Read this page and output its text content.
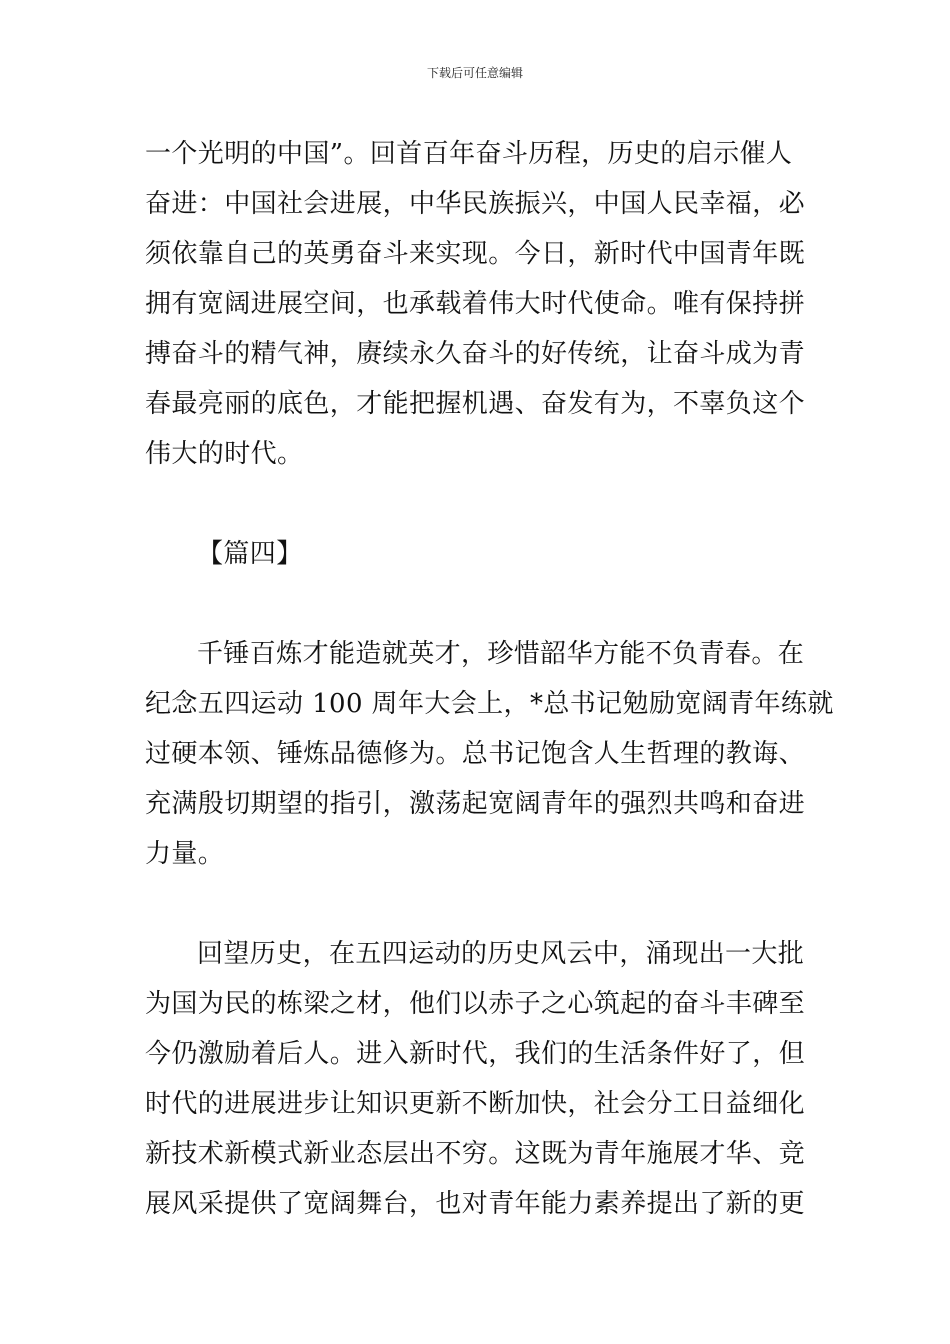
下载后可任意编辑
一个光明的中国”。回首百年奋斗历程，历史的启示催人
奋进：中国社会进展，中华民族振兴，中国人民幸福，必
须依靠自己的英勇奋斗来实现。今日，新时代中国青年既
拥有宽阔进展空间，也承载着伟大时代使命。唯有保持拼
搏奋斗的精气神，赓续永久奋斗的好传统，让奋斗成为青
春最亮丽的底色，才能把握机遇、奋发有为，不辜负这个
伟大的时代。
【篇四】
千锤百炼才能造就英才，珍惜韶华方能不负青春。在
纪念五四运动 100 周年大会上，*总书记勉励宽阔青年练就
过硬本领、锤炼品德修为。总书记饱含人生哲理的教诲、
充满殷切期望的指引，激荡起宽阔青年的强烈共鸣和奋进
力量。
回望历史，在五四运动的历史风云中，涌现出一大批
为国为民的栋梁之材，他们以赤子之心筑起的奋斗丰碑至
今仍激励着后人。进入新时代，我们的生活条件好了，但
时代的进展进步让知识更新不断加快，社会分工日益细化
新技术新模式新业态层出不穷。这既为青年施展才华、竞
展风采提供了宽阔舞台，也对青年能力素养提出了新的更
